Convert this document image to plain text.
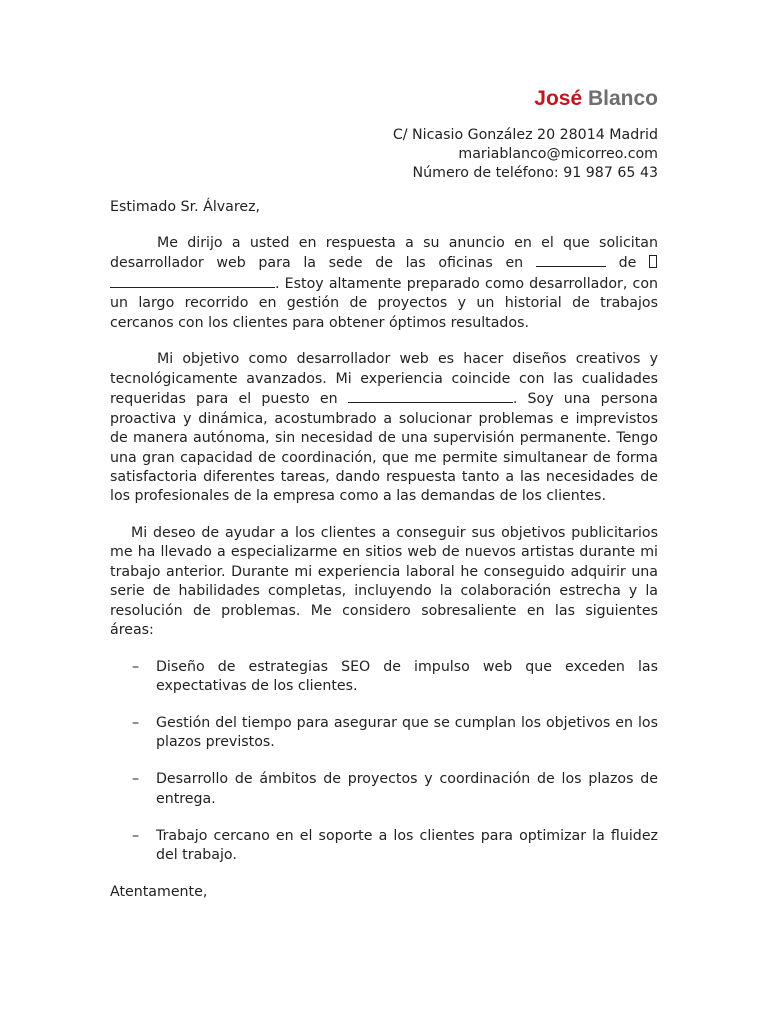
José Blanco
C/ Nicasio González 20 28014 Madrid
mariablanco@micorreo.com
Número de teléfono: 91 987 65 43
Estimado Sr. Álvarez,

Me dirijo a usted en respuesta a su anuncio en el que solicitan desarrollador web para la sede de las oficinas en	de . Estoy altamente preparado como desarrollador, con un largo recorrido en gestión de proyectos y un historial de trabajos cercanos con los clientes para obtener óptimos resultados.

Mi objetivo como desarrollador web es hacer diseños creativos y tecnológicamente avanzados. Mi experiencia coincide con las cualidades requeridas para el puesto en	. Soy una persona proactiva y dinámica, acostumbrado a solucionar problemas e imprevistos de manera autónoma, sin necesidad de una supervisión permanente. Tengo una gran capacidad de coordinación, que me permite simultanear de forma satisfactoria diferentes tareas, dando respuesta tanto a las necesidades de los profesionales de la empresa como a las demandas de los clientes.

Mi deseo de ayudar a los clientes a conseguir sus objetivos publicitarios me ha llevado a especializarme en sitios web de nuevos artistas durante mi trabajo anterior. Durante mi experiencia laboral he conseguido adquirir una serie de habilidades completas, incluyendo la colaboración estrecha y la resolución de problemas. Me considero sobresaliente en las siguientes áreas:

– Diseño de estrategias SEO de impulso web que exceden las expectativas de los clientes.
– Gestión del tiempo para asegurar que se cumplan los objetivos en los plazos previstos.
– Desarrollo de ámbitos de proyectos y coordinación de los plazos de entrega.
– Trabajo cercano en el soporte a los clientes para optimizar la fluidez del trabajo.
Atentamente,
